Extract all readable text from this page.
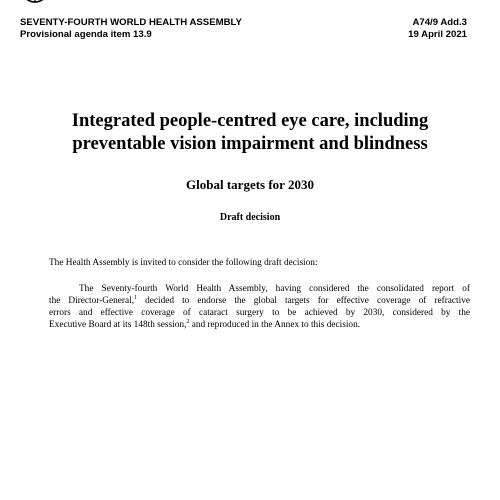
SEVENTY-FOURTH WORLD HEALTH ASSEMBLY
Provisional agenda item 13.9
A74/9 Add.3
19 April 2021
Integrated people-centred eye care, including
preventable vision impairment and blindness
Global targets for 2030
Draft decision
The Health Assembly is invited to consider the following draft decision:
The Seventy-fourth World Health Assembly, having considered the consolidated report of
the Director-General,$^1$ decided to endorse the global targets for effective coverage of refractive
errors and effective coverage of cataract surgery to be achieved by 2030, considered by the
Executive Board at its 148th session,$^2$ and reproduced in the Annex to this decision.
